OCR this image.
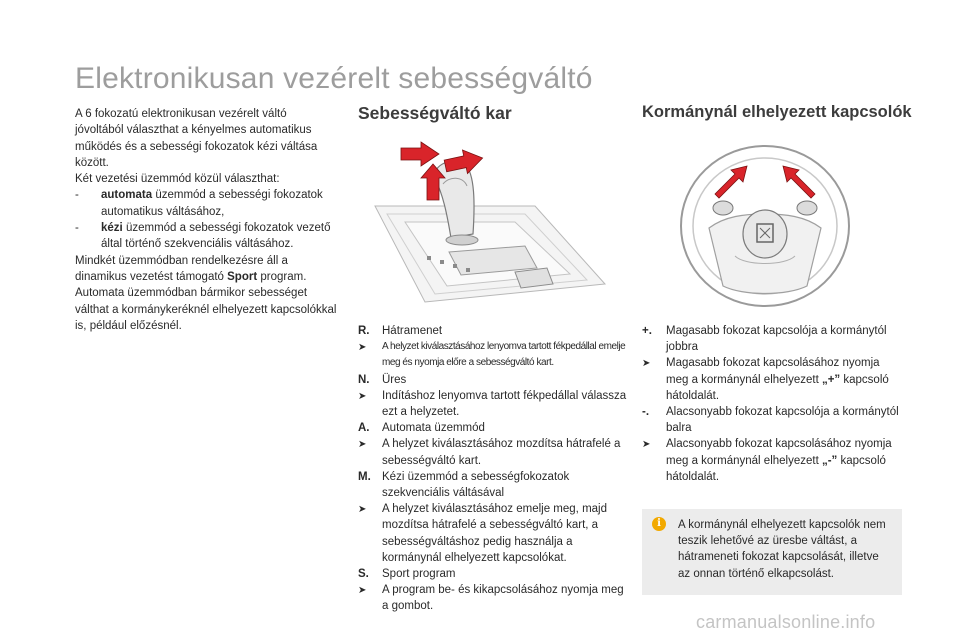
Elektronikusan vezérelt sebességváltó

A 6 fokozatú elektronikusan vezérelt váltó jóvoltából választhat a kényelmes automatikus működés és a sebességi fokozatok kézi váltása között.

Két vezetési üzemmód közül választhat:

-	automata üzemmód a sebességi fokozatok automatikus váltásához,
-	kézi üzemmód a sebességi fokozatok vezető által történő szekvenciális váltásához.

Mindkét üzemmódban rendelkezésre áll a dinamikus vezetést támogató Sport program.

Automata üzemmódban bármikor sebességet válthat a kormánykeréknél elhelyezett kapcsolókkal is, például előzésnél.

Sebességváltó kar	Kormánynál elhelyezett kapcsolók
R.	Hátramenet
➤	A helyzet kiválasztásához lenyomva tartott fékpedállal emelje meg és nyomja előre a sebességváltó kart.
N.	Üres
➤	Indításhoz lenyomva tartott fékpedállal válassza ezt a helyzetet.
A.	Automata üzemmód
➤	A helyzet kiválasztásához mozdítsa hátrafelé a sebességváltó kart.
M. Kézi üzemmód a sebességfokozatok szekvenciális váltásával
➤	A helyzet kiválasztásához emelje meg, majd mozdítsa hátrafelé a sebességváltó kart, a sebességváltáshoz pedig használja a kormánynál elhelyezett kapcsolókat.
S.	Sport program
➤	A program be- és kikapcsolásához nyomja meg a gombot.
+.	Magasabb fokozat kapcsolója a kormánytól jobbra
➤	Magasabb fokozat kapcsolásához nyomja meg a kormánynál elhelyezett „+” kapcsoló hátoldalát.
-.	Alacsonyabb fokozat kapcsolója a kormánytól balra
➤	Alacsonyabb fokozat kapcsolásához nyomja meg a kormánynál elhelyezett „-” kapcsoló hátoldalát.
i	A kormánynál elhelyezett kapcsolók nem teszik lehetővé az üresbe váltást, a hátrameneti fokozat kapcsolását, illetve az onnan történő elkapcsolást.

carmanualsonline.info
